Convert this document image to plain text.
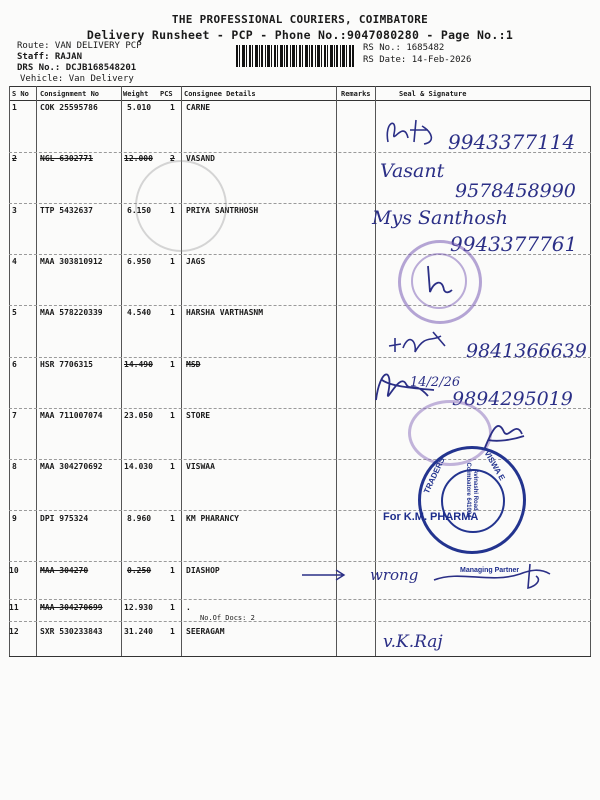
THE PROFESSIONAL COURIERS, COIMBATORE
Delivery Runsheet - PCP - Phone No.:9047080280 - Page No.:1
Route: VAN DELIVERY PCP
Staff: RAJAN
DRS No.: DCJB168548201
Vehicle: Van Delivery
RS No.: 1685482
RS Date: 14-Feb-2026
S No Consignment No	Weight PCS Consignee Details	Remarks	Seal & Signature
1	COK 25595786	5.010 1 CARNE
2	NGL 6302771	12.000 2 VASAND
3	TTP 5432637	6.150 1 PRIYA SANTRHOSH
4	MAA 303810912	6.950 1 JAGS
5	MAA 578220339	4.540 1 HARSHA VARTHASNM
6	HSR 7706315	14.490 1 MSD
7	MAA 711007074	23.050 1 STORE
8	MAA 304270692	14.030 1 VISWAA
9	DPI 975324	8.960 1 KM PHARANCY
10	MAA 304270	0.250 1 DIASHOP
11	MAA 304270699	12.930 1 .
No.Of Docs: 2
12	SXR 530233843	31.240 1 SEERAGAM
9943377114
Vasant
9578458990
Mys Santhosh
9943377761
9841366639
14/2/26
9894295019
VISWA E
TRADERS	Avinashi Road Coimbatore 641004
For K.M. PHARMA
wrong	Managing Partner
v.K.Raj
